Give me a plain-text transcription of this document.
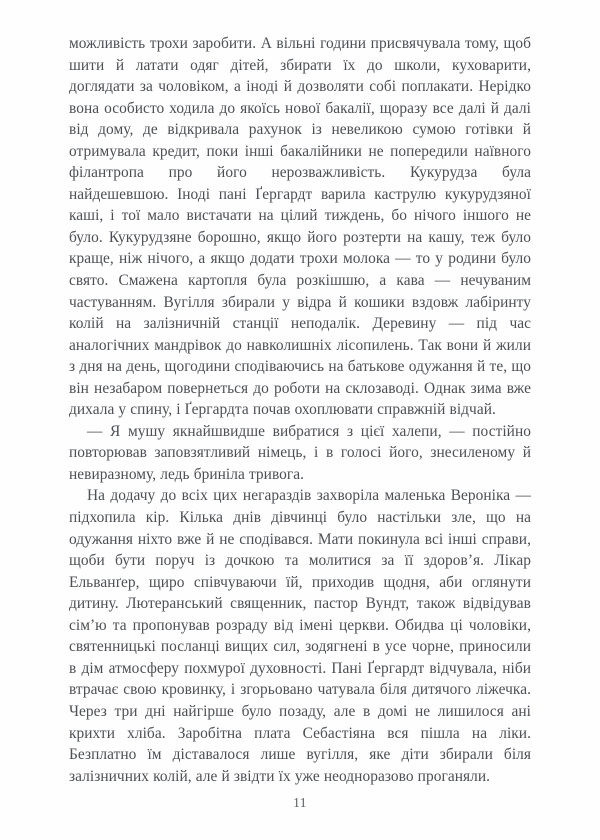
можливість трохи заробити. А вільні години присвячувала тому, щоб шити й латати одяг дітей, збирати їх до школи, куховарити, доглядати за чоловіком, а іноді й дозволяти собі поплакати. Нерідко вона особисто ходила до якоїсь нової бакалії, щоразу все далі й далі від дому, де відкривала рахунок із невеликою сумою готівки й отримувала кредит, поки інші бакалійники не попередили наївного філантропа про його нерозважливість. Кукурудза була найдешевшою. Іноді пані Ґергардт варила каструлю кукурудзяної каші, і тої мало вистачати на цілий тиждень, бо нічого іншого не було. Кукурудзяне борошно, якщо його розтерти на кашу, теж було краще, ніж нічого, а якщо додати трохи молока — то у родини було свято. Смажена картопля була розкішшю, а кава — нечуваним частуванням. Вугілля збирали у відра й кошики вздовж лабіринту колій на залізничній станції неподалік. Деревину — під час аналогічних мандрівок до навколишніх лісопилень. Так вони й жили з дня на день, щогодини сподіваючись на батькове одужання й те, що він незабаром повернеться до роботи на склозаводі. Однак зима вже дихала у спину, і Ґергардта почав охоплювати справжній відчай.

— Я мушу якнайшвидше вибратися з цієї халепи, — постійно повторював заповзятливий німець, і в голосі його, знесиленому й невиразному, ледь бриніла тривога.

На додачу до всіх цих негараздів захворіла маленька Вероніка — підхопила кір. Кілька днів дівчинці було настільки зле, що на одужання ніхто вже й не сподівався. Мати покинула всі інші справи, щоби бути поруч із дочкою та молитися за її здоров’я. Лікар Ельванґер, щиро співчуваючи їй, приходив щодня, аби оглянути дитину. Лютеранський священник, пастор Вундт, також відвідував сім’ю та пропонував розраду від імені церкви. Обидва ці чоловіки, святенницькі посланці вищих сил, зодягнені в усе чорне, приносили в дім атмосферу похмурої духовності. Пані Ґергардт відчувала, ніби втрачає свою кровинку, і згорьовано чатувала біля дитячого ліжечка. Через три дні найгірше було позаду, але в домі не лишилося ані крихти хліба. Заробітна плата Себастіяна вся пішла на ліки. Безплатно їм діставалося лише вугілля, яке діти збирали біля залізничних колій, але й звідти їх уже неодноразово проганяли.

11
